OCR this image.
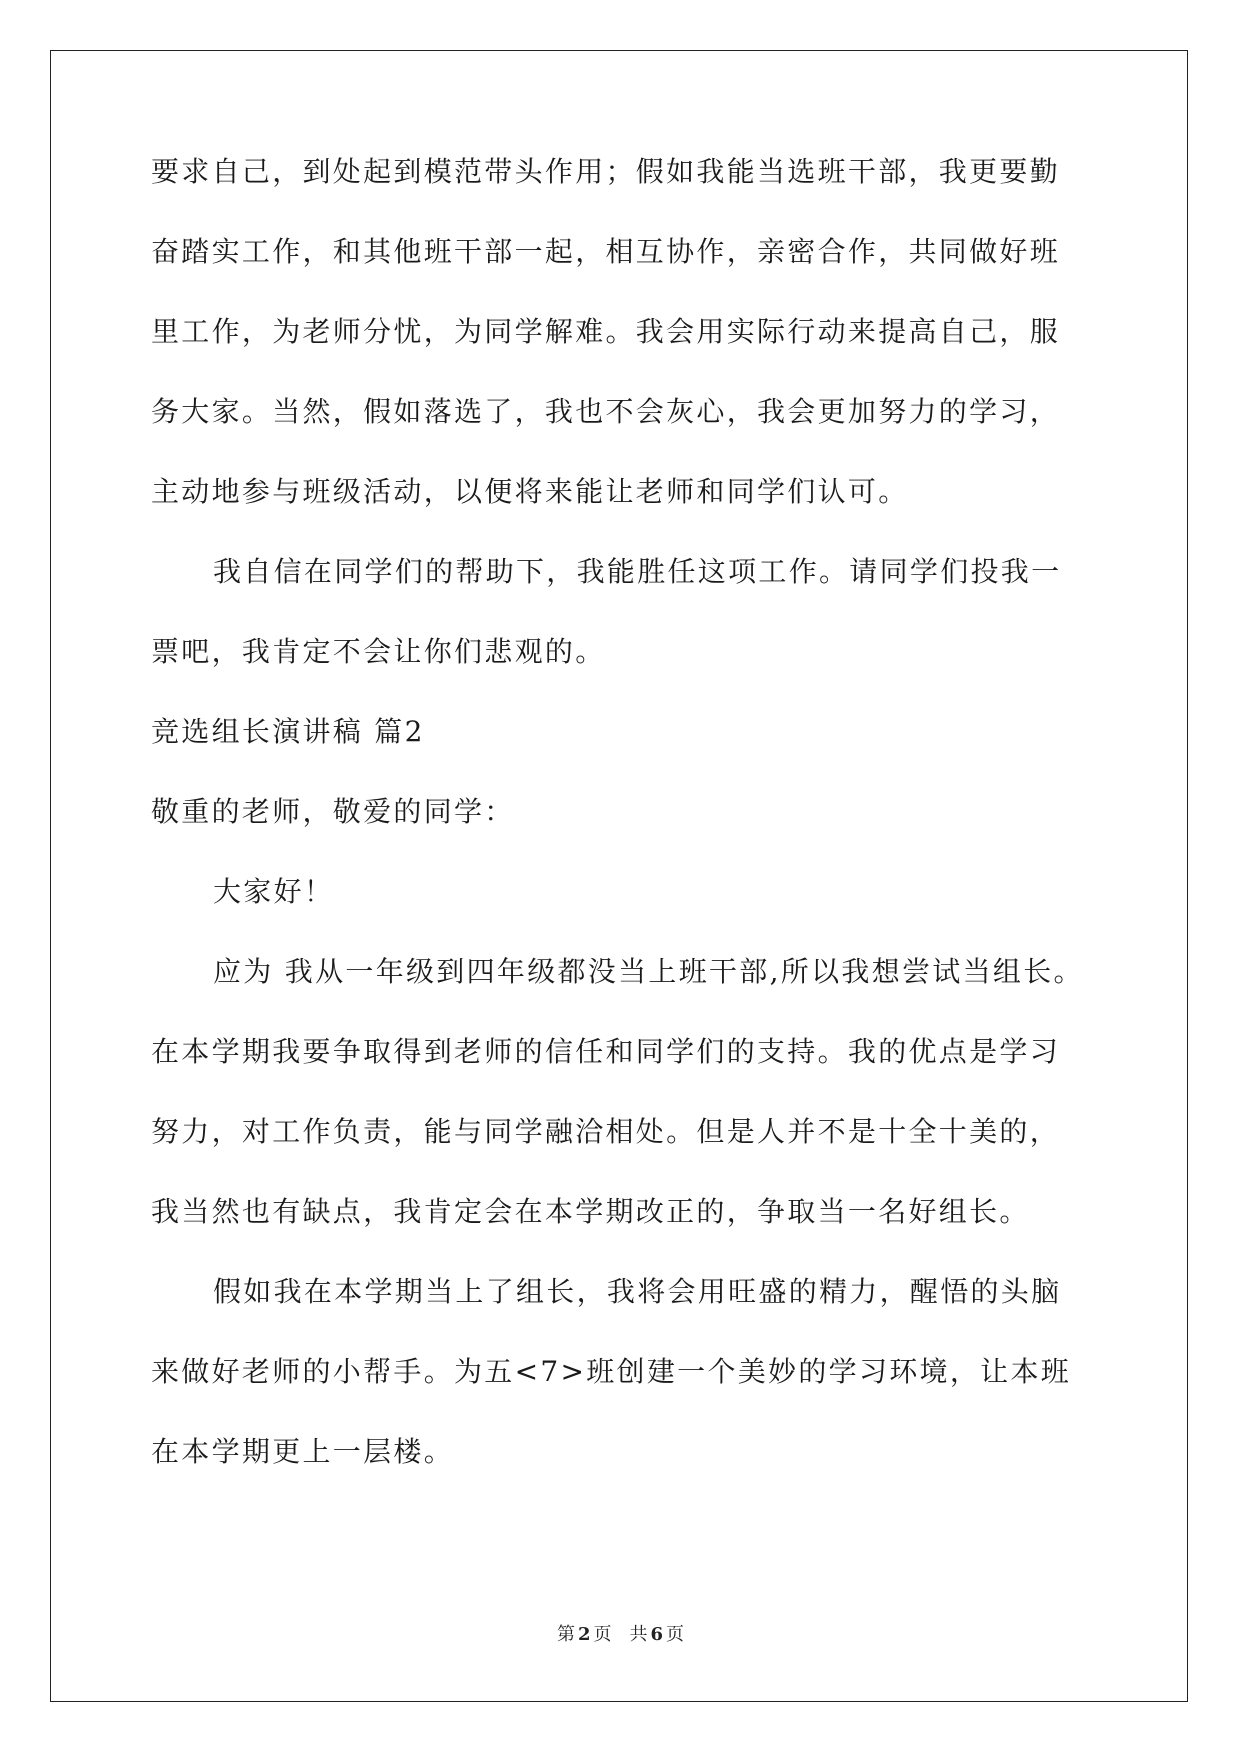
要求自己，到处起到模范带头作用；假如我能当选班干部，我更要勤
奋踏实工作，和其他班干部一起，相互协作，亲密合作，共同做好班
里工作，为老师分忧，为同学解难。我会用实际行动来提高自己，服
务大家。当然，假如落选了，我也不会灰心，我会更加努力的学习，
主动地参与班级活动，以便将来能让老师和同学们认可。
我自信在同学们的帮助下，我能胜任这项工作。请同学们投我一
票吧，我肯定不会让你们悲观的。
竞选组长演讲稿 篇2
敬重的老师，敬爱的同学：
大家好！
应为 我从一年级到四年级都没当上班干部,所以我想尝试当组长。
在本学期我要争取得到老师的信任和同学们的支持。我的优点是学习
努力，对工作负责，能与同学融洽相处。但是人并不是十全十美的，
我当然也有缺点，我肯定会在本学期改正的，争取当一名好组长。
假如我在本学期当上了组长，我将会用旺盛的精力，醒悟的头脑
来做好老师的小帮手。为五<7>班创建一个美妙的学习环境，让本班
在本学期更上一层楼。
第 2 页 共 6 页
